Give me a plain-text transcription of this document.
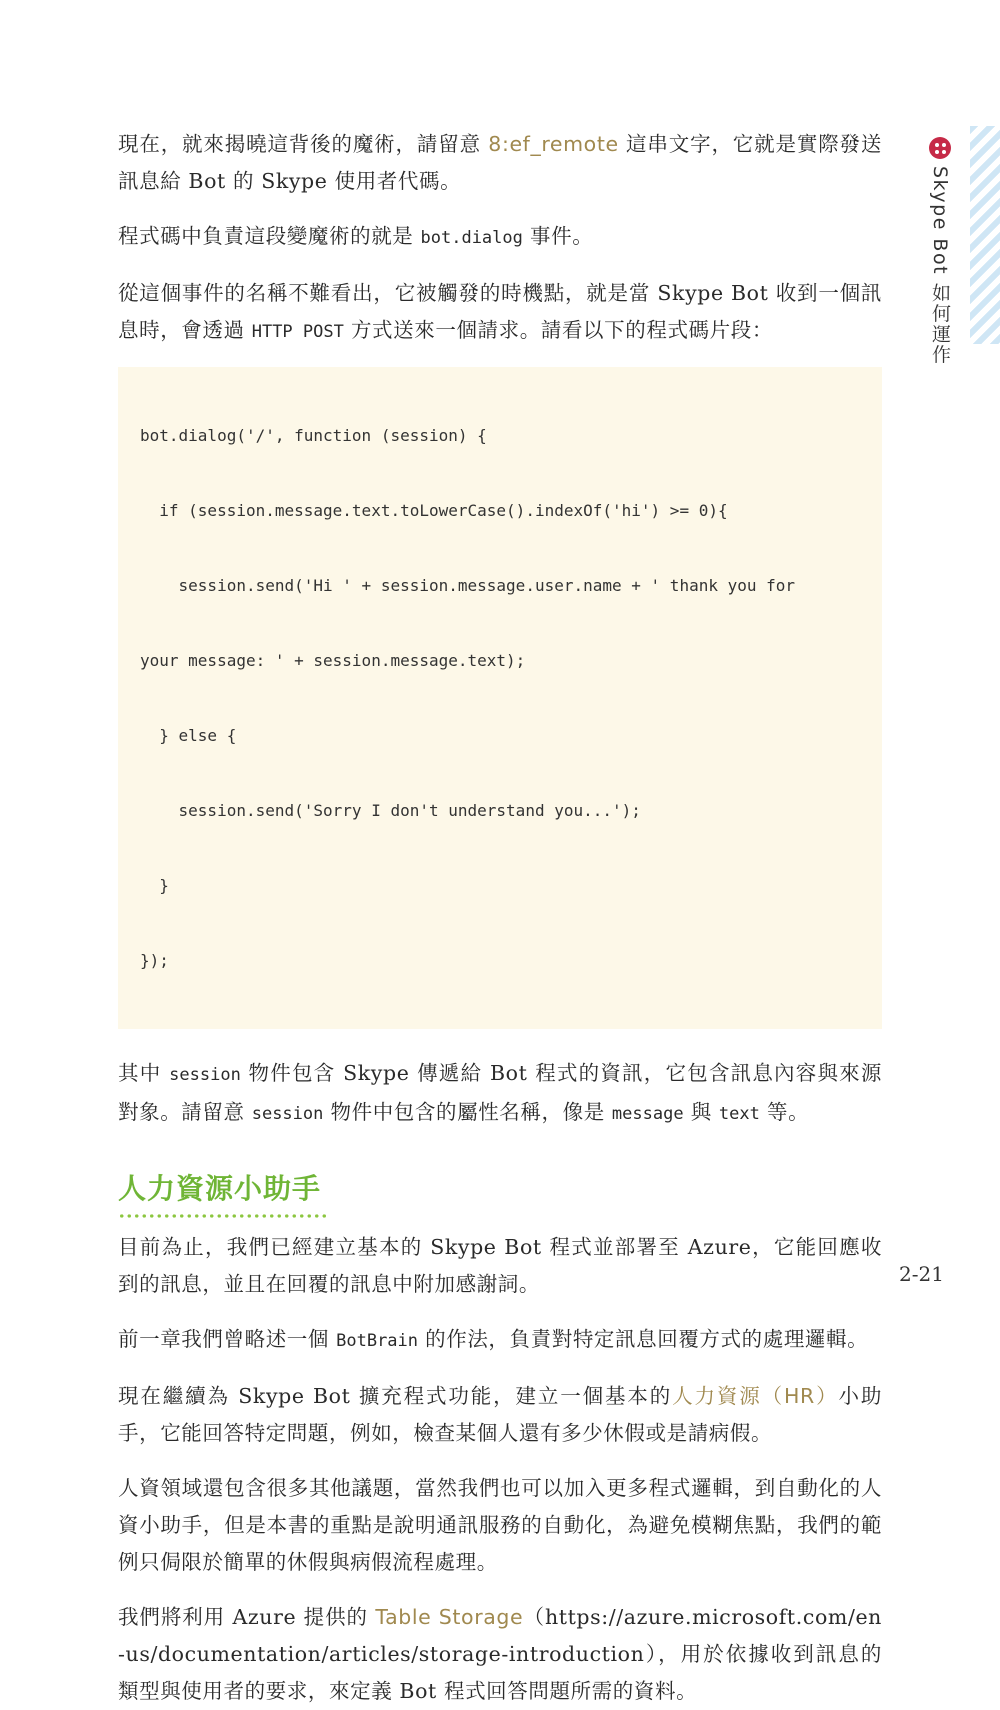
Skype Bot 如何運作

現在，就來揭曉這背後的魔術，請留意 8:ef_remote 這串文字，它就是實際發送訊息給 Bot 的 Skype 使用者代碼。

程式碼中負責這段變魔術的就是 bot.dialog 事件。

從這個事件的名稱不難看出，它被觸發的時機點，就是當 Skype Bot 收到一個訊息時，會透過 HTTP POST 方式送來一個請求。請看以下的程式碼片段：

bot.dialog('/', function (session) {

if (session.message.text.toLowerCase().indexOf('hi') >= 0){

session.send('Hi ' + session.message.user.name + ' thank you for

your message: ' + session.message.text);

} else {

session.send('Sorry I don't understand you...');

}

});

其中 session 物件包含 Skype 傳遞給 Bot 程式的資訊，它包含訊息內容與來源對象。請留意 session 物件中包含的屬性名稱，像是 message 與 text 等。

人力資源小助手

目前為止，我們已經建立基本的 Skype Bot 程式並部署至 Azure，它能回應收到的訊息，並且在回覆的訊息中附加感謝詞。

前一章我們曾略述一個 BotBrain 的作法，負責對特定訊息回覆方式的處理邏輯。

現在繼續為 Skype Bot 擴充程式功能，建立一個基本的人力資源（HR）小助手，它能回答特定問題，例如，檢查某個人還有多少休假或是請病假。

人資領域還包含很多其他議題，當然我們也可以加入更多程式邏輯，到自動化的人資小助手，但是本書的重點是說明通訊服務的自動化，為避免模糊焦點，我們的範例只侷限於簡單的休假與病假流程處理。

我們將利用 Azure 提供的 Table Storage（https://azure.microsoft.com/en-us/documentation/articles/storage-introduction），用於依據收到訊息的類型與使用者的要求，來定義 Bot 程式回答問題所需的資料。

2-21
